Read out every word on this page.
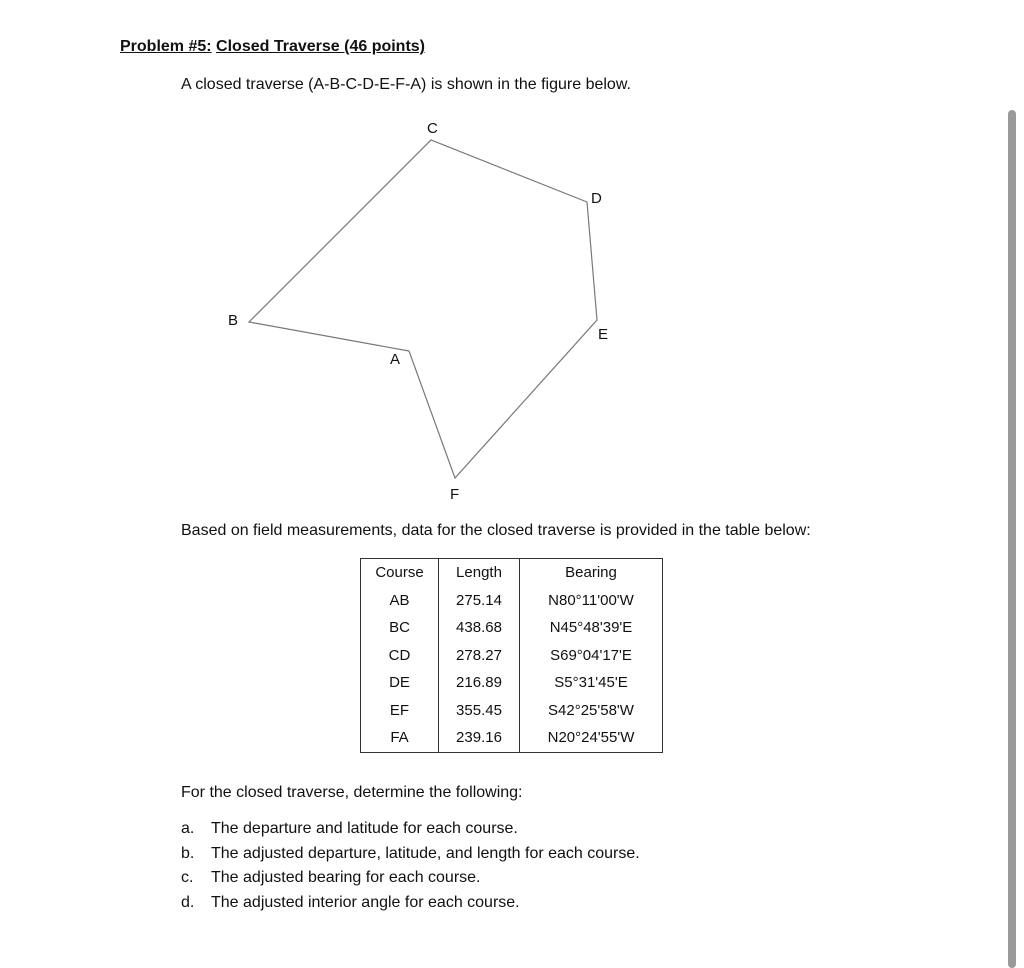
Problem #5: Closed Traverse (46 points)

A closed traverse (A-B-C-D-E-F-A) is shown in the figure below.

A
B
C
D
E
F

Based on field measurements, data for the closed traverse is provided in the table below:

Course	Length	Bearing
AB	275.14	N80°11'00'W
BC	438.68	N45°48'39'E
CD	278.27	S69°04'17'E
DE	216.89	S5°31'45'E
EF	355.45	S42°25'58'W
FA	239.16	N20°24'55'W

For the closed traverse, determine the following:

a.	The departure and latitude for each course.
b.	The adjusted departure, latitude, and length for each course.
c.	The adjusted bearing for each course.
d.	The adjusted interior angle for each course.
